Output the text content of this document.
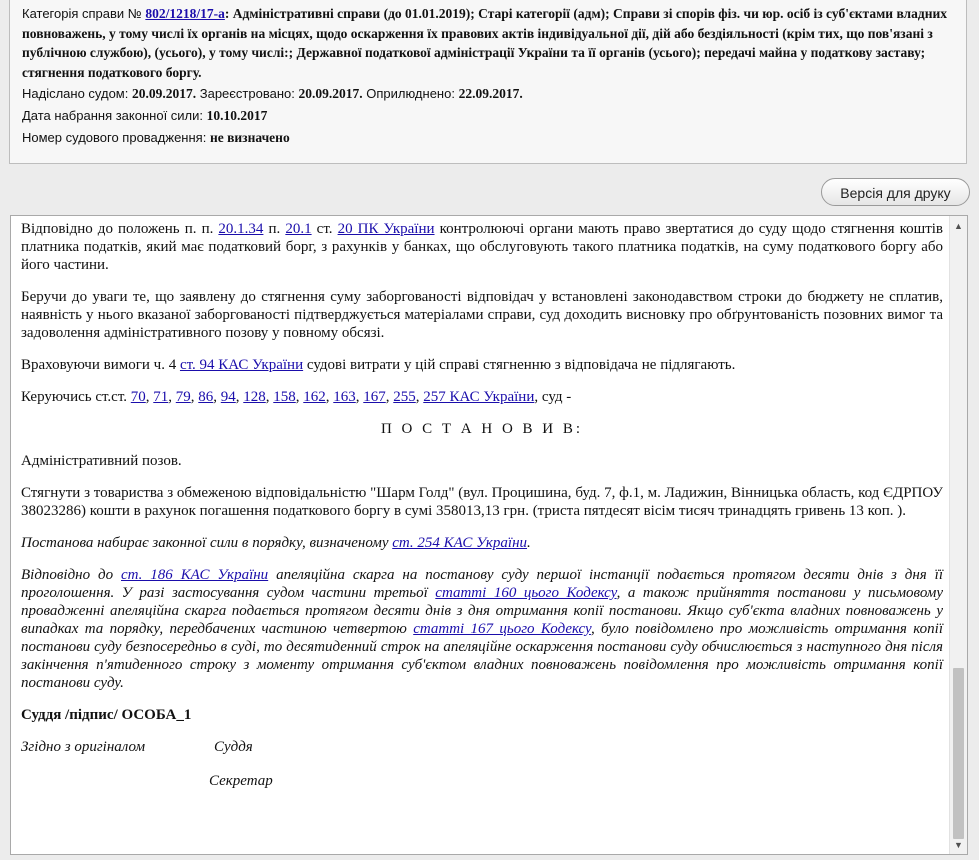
Категорія справи № 802/1218/17-а: Адміністративні справи (до 01.01.2019); Старі категорії (адм); Справи зі спорів фіз. чи юр. осіб із суб'єктами владних повноважень, у тому числі їх органів на місцях, щодо оскарження їх правових актів індивідуальної дії, дій або бездіяльності (крім тих, що пов'язані з публічною службою), (усього), у тому числі:; Державної податкової адміністрації України та її органів (усього); передачі майна у податкову заставу; стягнення податкового боргу.
Надіслано судом: 20.09.2017. Зареєстровано: 20.09.2017. Оприлюднено: 22.09.2017.
Дата набрання законної сили: 10.10.2017
Номер судового провадження: не визначено
Версія для друку

Відповідно до положень п. п. 20.1.34 п. 20.1 ст. 20 ПК України контролюючі органи мають право звертатися до суду щодо стягнення коштів платника податків, який має податковий борг, з рахунків у банках, що обслуговують такого платника податків, на суму податкового боргу або його частини.

Беручи до уваги те, що заявлену до стягнення суму заборгованості відповідач у встановлені законодавством строки до бюджету не сплатив, наявність у нього вказаної заборгованості підтверджується матеріалами справи, суд доходить висновку про обґрунтованість позовних вимог та задоволення адміністративного позову у повному обсязі.

Враховуючи вимоги ч. 4 ст. 94 КАС України судові витрати у цій справі стягненню з відповідача не підлягають.

Керуючись ст.ст. 70, 71, 79, 86, 94, 128, 158, 162, 163, 167, 255, 257 КАС України, суд -

П О С Т А Н О В И В:

Адміністративний позов.

Стягнути з товариства з обмеженою відповідальністю "Шарм Голд" (вул. Процишина, буд. 7, ф.1, м. Ладижин, Вінницька область, код ЄДРПОУ 38023286) кошти в рахунок погашення податкового боргу в сумі 358013,13 грн. (триста пятдесят вісім тисяч тринадцять гривень 13 коп. ).

Постанова набирає законної сили в порядку, визначеному ст. 254 КАС України.

Відповідно до ст. 186 КАС України апеляційна скарга на постанову суду першої інстанції подається протягом десяти днів з дня її проголошення. У разі застосування судом частини третьої статті 160 цього Кодексу, а також прийняття постанови у письмовому провадженні апеляційна скарга подається протягом десяти днів з дня отримання копії постанови. Якщо суб'єкта владних повноважень у випадках та порядку, передбачених частиною четвертою статті 167 цього Кодексу, було повідомлено про можливість отримання копії постанови суду безпосередньо в суді, то десятиденний строк на апеляційне оскарження постанови суду обчислюється з наступного дня після закінчення п'ятиденного строку з моменту отримання суб'єктом владних повноважень повідомлення про можливість отримання копії постанови суду.

Суддя /підпис/ ОСОБА_1

Згідно з оригіналом	Суддя
Секретар
▲
▼
